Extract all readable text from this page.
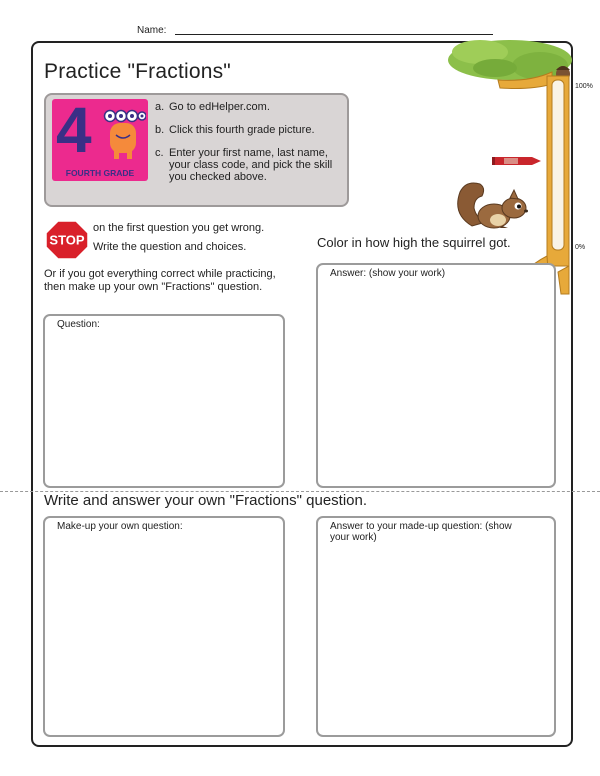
Name:
Practice "Fractions"
4
FOURTH GRADE
a. Go to edHelper.com.
b. Click this fourth grade picture.
c. Enter your first name, last name, your class code, and pick the skill you checked above.
STOP
on the first question you get wrong.
Write the question and choices.
Or if you got everything correct while practicing, then make up your own "Fractions" question.
Color in how high the squirrel got.
100%
0%
Question:
Answer: (show your work)
Write and answer your own "Fractions" question.
Make-up your own question:	Answer to your made-up question: (show your work)
